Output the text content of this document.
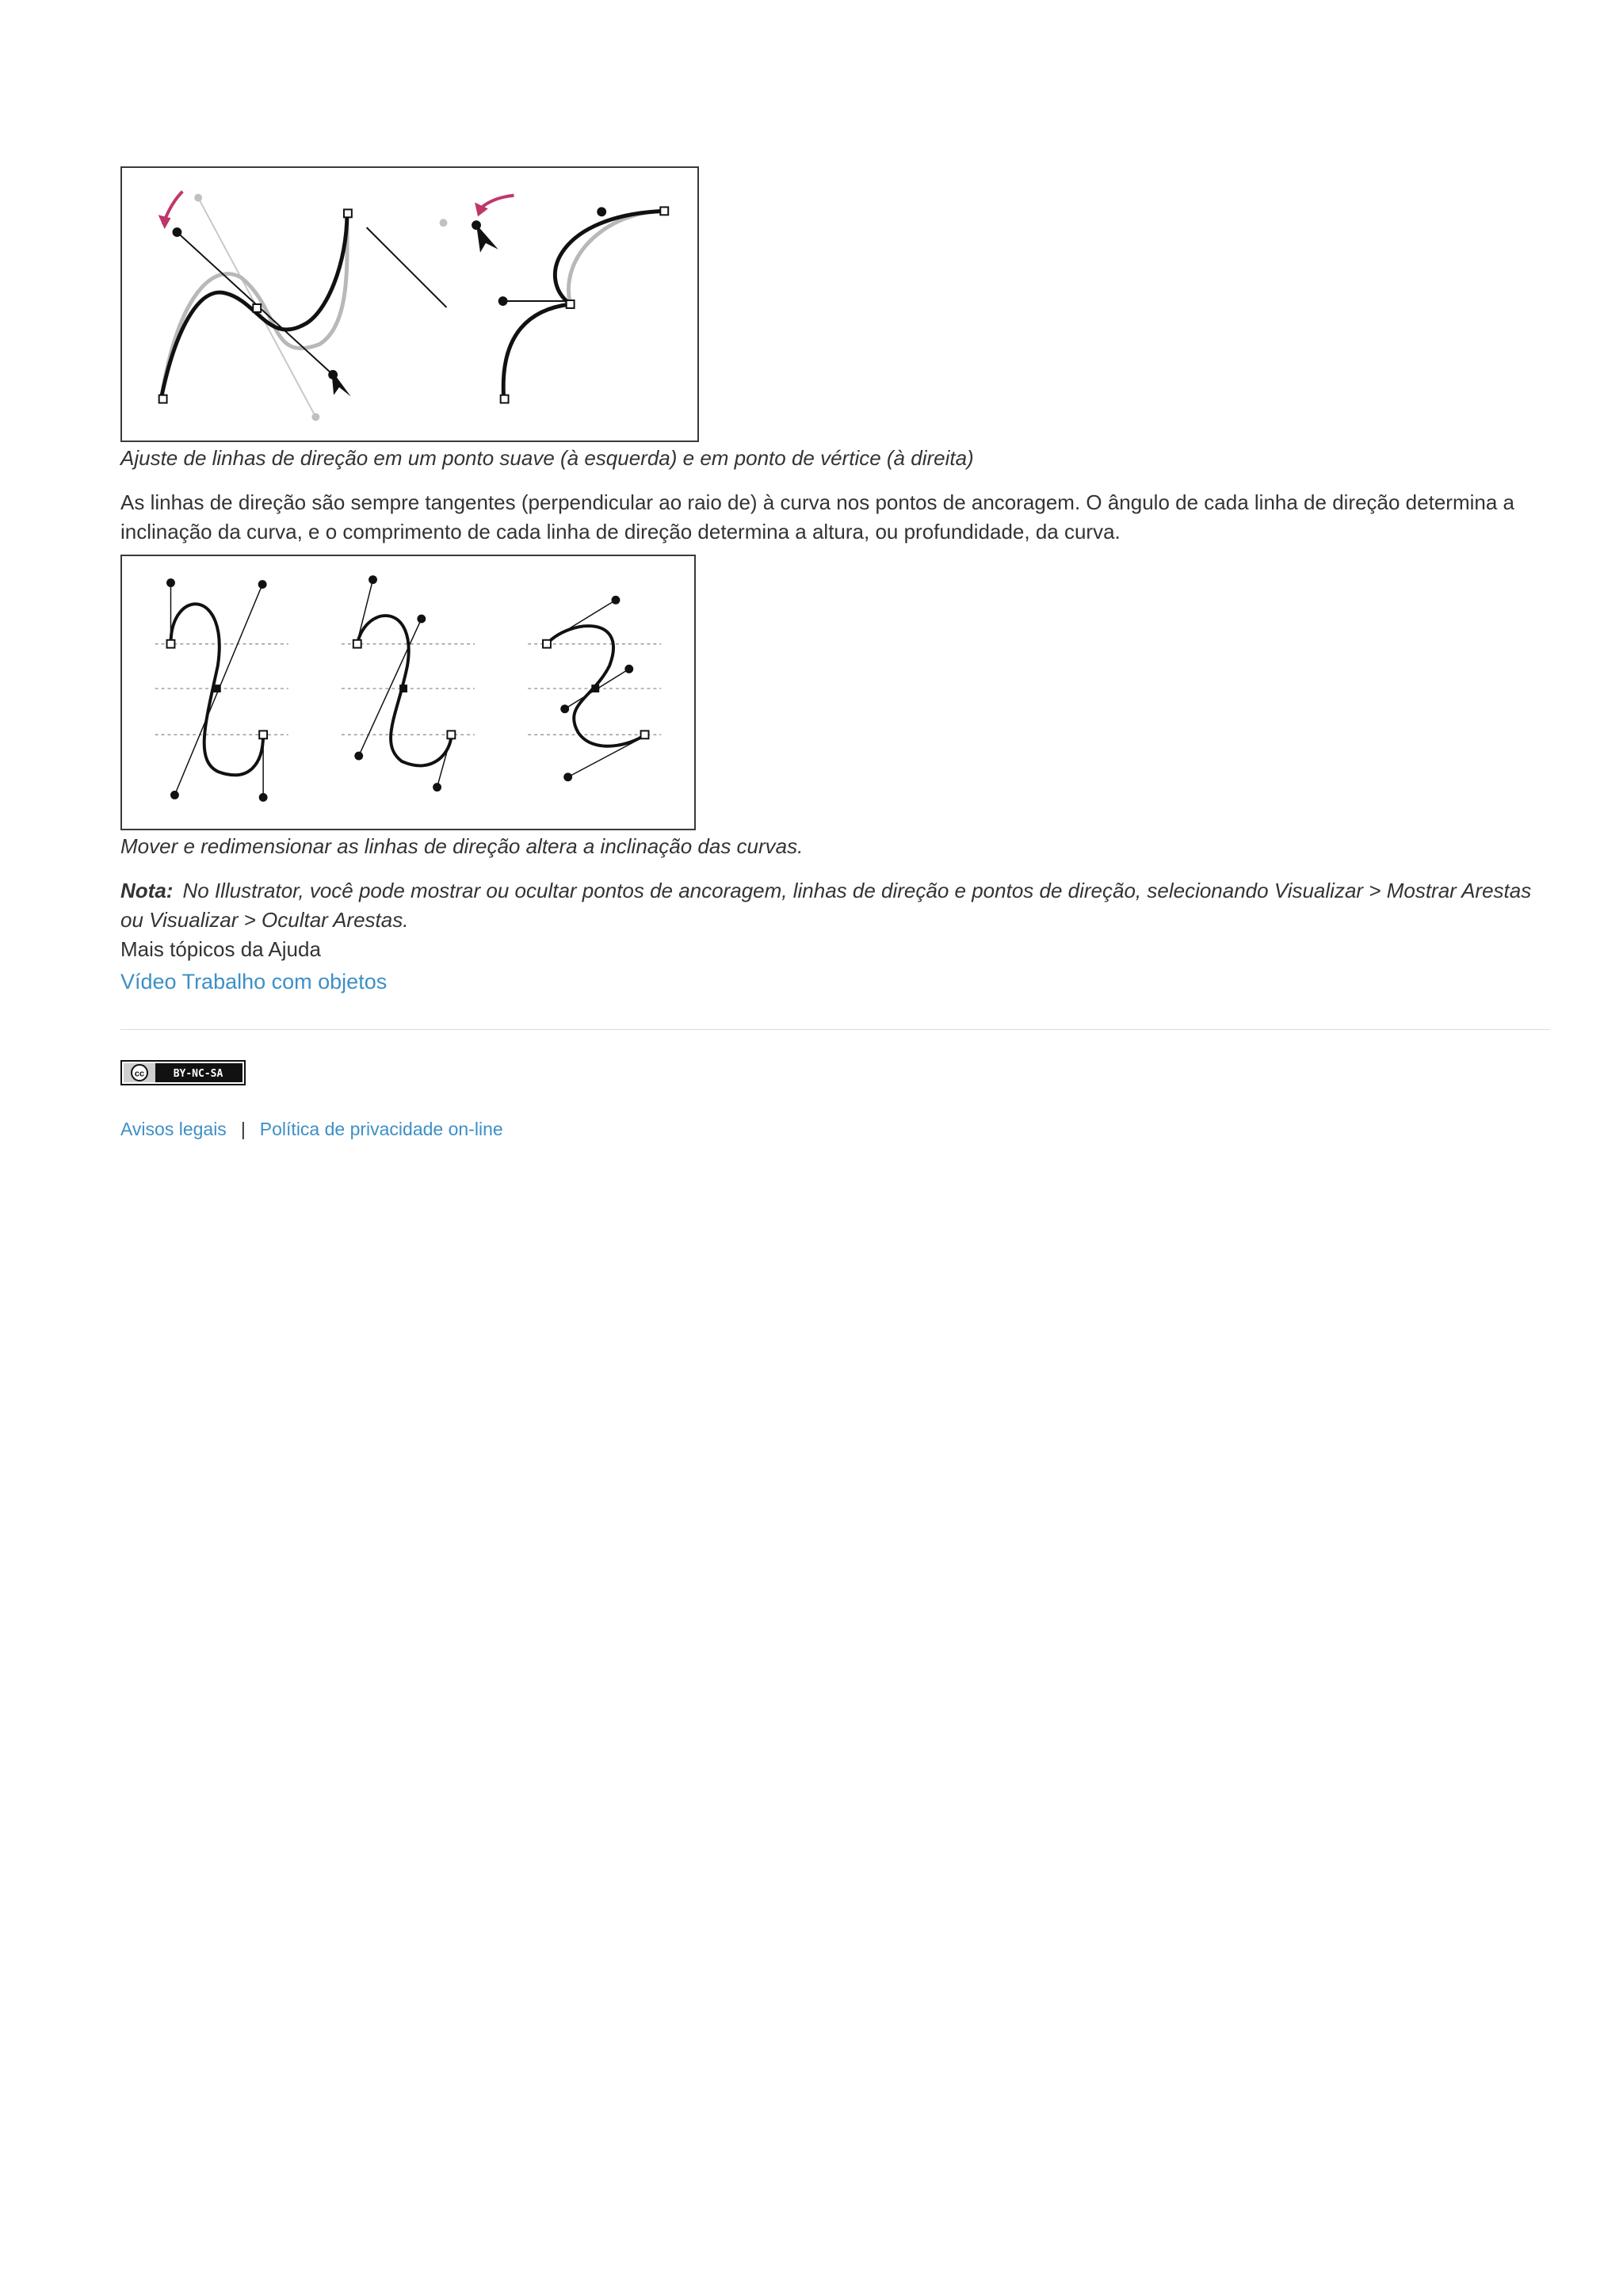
Ajuste de linhas de direção em um ponto suave (à esquerda) e em ponto de vértice (à direita)

As linhas de direção são sempre tangentes (perpendicular ao raio de) à curva nos pontos de ancoragem. O ângulo de cada linha de direção determina a inclinação da curva, e o comprimento de cada linha de direção determina a altura, ou profundidade, da curva.

Mover e redimensionar as linhas de direção altera a inclinação das curvas.

Nota: No Illustrator, você pode mostrar ou ocultar pontos de ancoragem, linhas de direção e pontos de direção, selecionando Visualizar > Mostrar Arestas ou Visualizar > Ocultar Arestas.

Mais tópicos da Ajuda

Vídeo Trabalho com objetos
cc	BY-NC-SA
Avisos legais | Política de privacidade on-line
